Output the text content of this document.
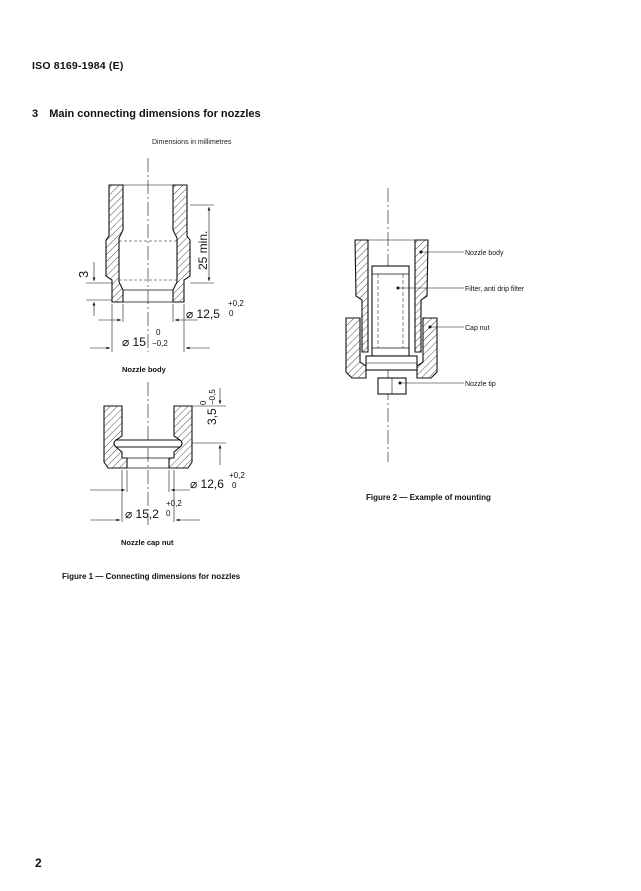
ISO 8169-1984 (E)
3 Main connecting dimensions for nozzles
Dimensions in millimetres
25 min.
3
⌀ 12,5
+0,2
0
⌀ 15
0
−0,2
Nozzle body
3,5
0 −0,5
⌀ 12,6
+0,2
0
⌀ 15,2
+0,2
0
Nozzle cap nut
Figure 1 — Connecting dimensions for nozzles
Nozzle body
Filter, anti drip filter
Cap nut
Nozzle tip
Figure 2 — Example of mounting
2
